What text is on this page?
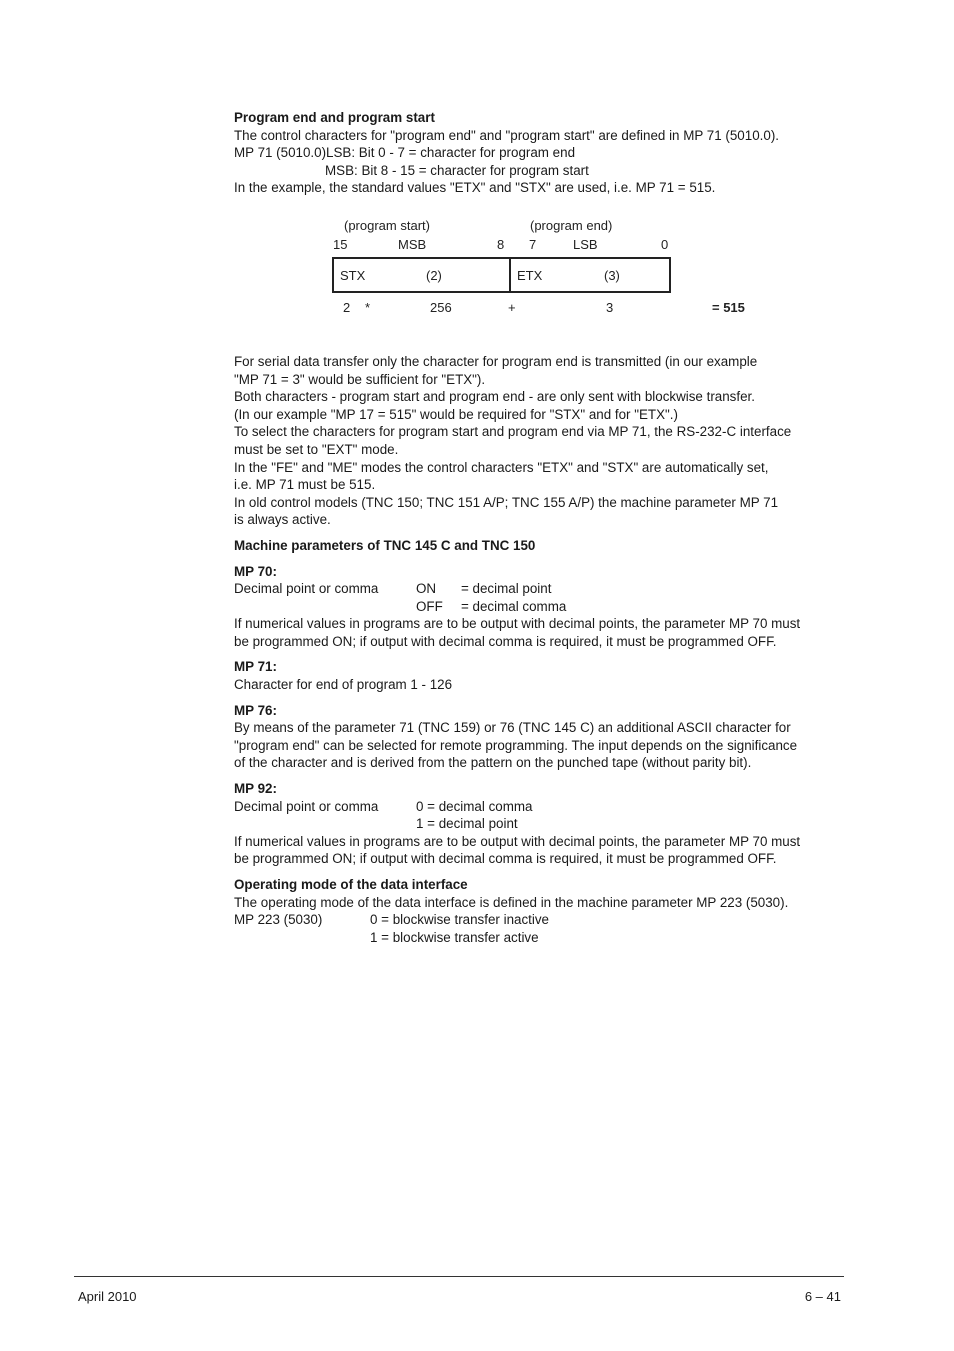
Program end and program start
The control characters for "program end" and "program start" are defined in MP 71 (5010.0).
MP 71 (5010.0)LSB: Bit 0 - 7 = character for program end
MSB: Bit 8 - 15 = character for program start
In the example, the standard values "ETX" and "STX" are used, i.e. MP 71 = 515.
(program start)	(program end)
15	MSB	8 7	LSB	0
STX	(2)	ETX	(3)
2 *	256	+	3	= 515
For serial data transfer only the character for program end is transmitted (in our example
"MP 71 = 3" would be sufficient for "ETX").
Both characters - program start and program end - are only sent with blockwise transfer.
(In our example "MP 17 = 515" would be required for "STX" and for "ETX".)
To select the characters for program start and program end via MP 71, the RS-232-C interface
must be set to "EXT" mode.
In the "FE" and "ME" modes the control characters "ETX" and "STX" are automatically set,
i.e. MP 71 must be 515.
In old control models (TNC 150; TNC 151 A/P; TNC 155 A/P) the machine parameter MP 71
is always active.
Machine parameters of TNC 145 C and TNC 150
MP 70:
Decimal point or comma	ON = decimal point
OFF = decimal comma
If numerical values in programs are to be output with decimal points, the parameter MP 70 must
be programmed ON; if output with decimal comma is required, it must be programmed OFF.
MP 71:
Character for end of program 1 - 126
MP 76:
By means of the parameter 71 (TNC 159) or 76 (TNC 145 C) an additional ASCII character for
"program end" can be selected for remote programming. The input depends on the significance
of the character and is derived from the pattern on the punched tape (without parity bit).
MP 92:
Decimal point or comma	0 = decimal comma
1 = decimal point
If numerical values in programs are to be output with decimal points, the parameter MP 70 must
be programmed ON; if output with decimal comma is required, it must be programmed OFF.
Operating mode of the data interface
The operating mode of the data interface is defined in the machine parameter MP 223 (5030).
MP 223 (5030)	0 = blockwise transfer inactive
1 = blockwise transfer active
April 2010	6 – 41
